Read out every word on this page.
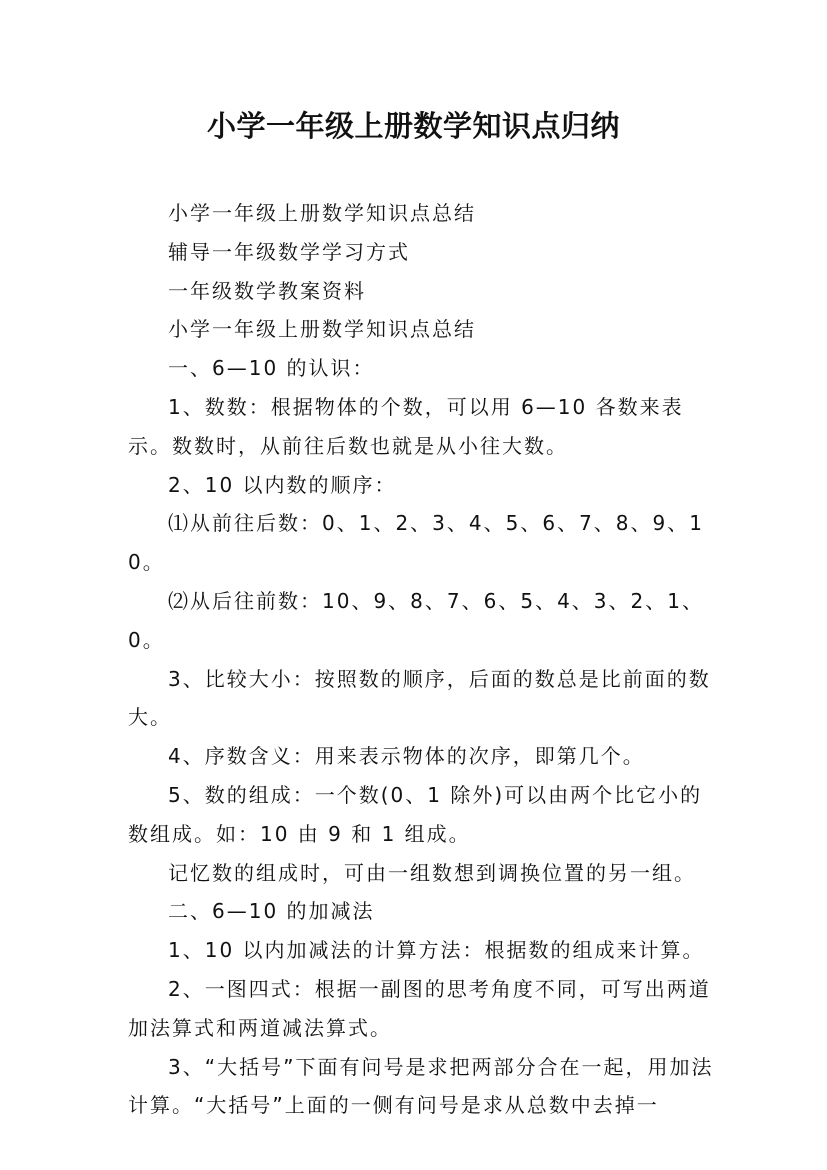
小学一年级上册数学知识点归纳

小学一年级上册数学知识点总结

辅导一年级数学学习方式

一年级数学教案资料

小学一年级上册数学知识点总结

一、6—10 的认识：

1、数数：根据物体的个数，可以用 6—10 各数来表示。数数时，从前往后数也就是从小往大数。

2、10 以内数的顺序：

⑴从前往后数：0、1、2、3、4、5、6、7、8、9、10。

⑵从后往前数：10、9、8、7、6、5、4、3、2、1、0。

3、比较大小：按照数的顺序，后面的数总是比前面的数大。

4、序数含义：用来表示物体的次序，即第几个。

5、数的组成：一个数(0、1 除外)可以由两个比它小的数组成。如：10 由 9 和 1 组成。

记忆数的组成时，可由一组数想到调换位置的另一组。

二、6—10 的加减法

1、10 以内加减法的计算方法：根据数的组成来计算。

2、一图四式：根据一副图的思考角度不同，可写出两道加法算式和两道减法算式。

3、“大括号”下面有问号是求把两部分合在一起，用加法计算。“大括号”上面的一侧有问号是求从总数中去掉一
